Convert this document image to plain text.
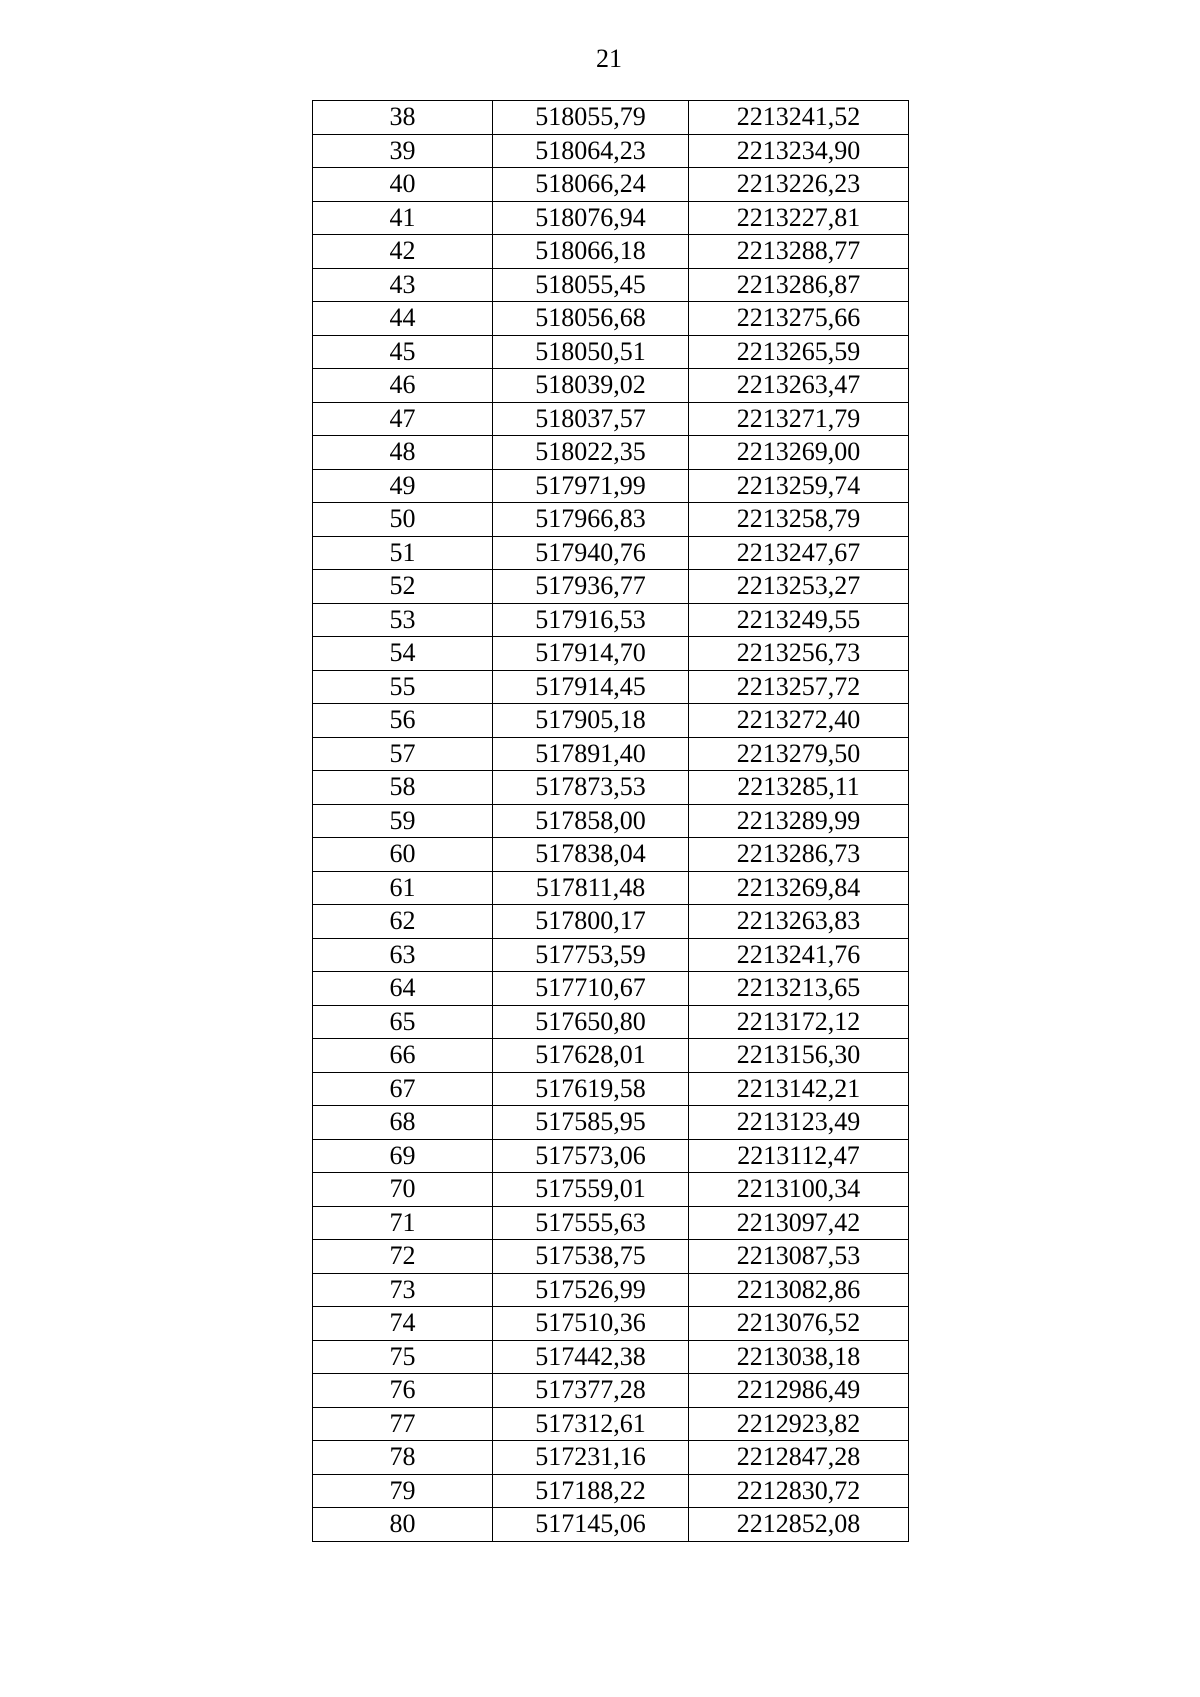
21
38	518055,79	2213241,52
39	518064,23	2213234,90
40	518066,24	2213226,23
41	518076,94	2213227,81
42	518066,18	2213288,77
43	518055,45	2213286,87
44	518056,68	2213275,66
45	518050,51	2213265,59
46	518039,02	2213263,47
47	518037,57	2213271,79
48	518022,35	2213269,00
49	517971,99	2213259,74
50	517966,83	2213258,79
51	517940,76	2213247,67
52	517936,77	2213253,27
53	517916,53	2213249,55
54	517914,70	2213256,73
55	517914,45	2213257,72
56	517905,18	2213272,40
57	517891,40	2213279,50
58	517873,53	2213285,11
59	517858,00	2213289,99
60	517838,04	2213286,73
61	517811,48	2213269,84
62	517800,17	2213263,83
63	517753,59	2213241,76
64	517710,67	2213213,65
65	517650,80	2213172,12
66	517628,01	2213156,30
67	517619,58	2213142,21
68	517585,95	2213123,49
69	517573,06	2213112,47
70	517559,01	2213100,34
71	517555,63	2213097,42
72	517538,75	2213087,53
73	517526,99	2213082,86
74	517510,36	2213076,52
75	517442,38	2213038,18
76	517377,28	2212986,49
77	517312,61	2212923,82
78	517231,16	2212847,28
79	517188,22	2212830,72
80	517145,06	2212852,08
